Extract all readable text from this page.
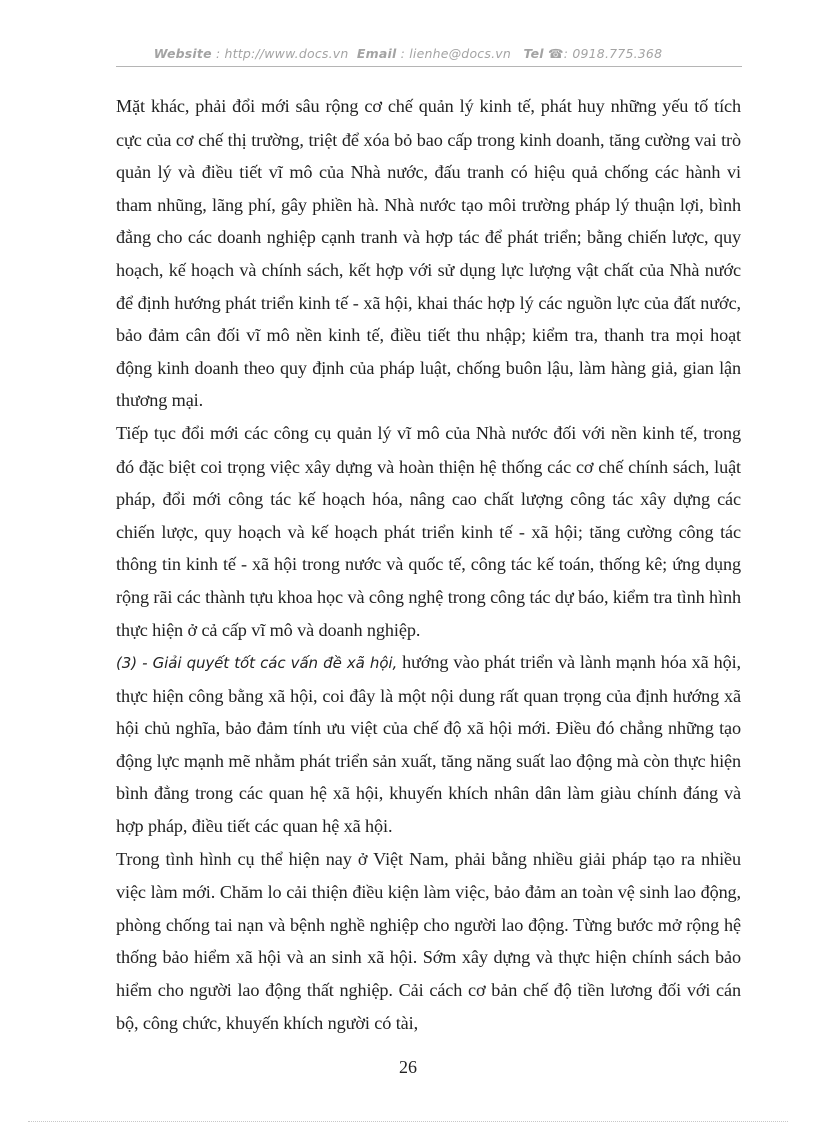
Website : http://www.docs.vn Email : lienhe@docs.vn Tel ☎: 0918.775.368

Mặt khác, phải đổi mới sâu rộng cơ chế quản lý kinh tế, phát huy những yếu tố tích cực của cơ chế thị trường, triệt để xóa bỏ bao cấp trong kinh doanh, tăng cường vai trò quản lý và điều tiết vĩ mô của Nhà nước, đấu tranh có hiệu quả chống các hành vi tham nhũng, lãng phí, gây phiền hà. Nhà nước tạo môi trường pháp lý thuận lợi, bình đẳng cho các doanh nghiệp cạnh tranh và hợp tác để phát triển; bằng chiến lược, quy hoạch, kế hoạch và chính sách, kết hợp với sử dụng lực lượng vật chất của Nhà nước để định hướng phát triển kinh tế - xã hội, khai thác hợp lý các nguồn lực của đất nước, bảo đảm cân đối vĩ mô nền kinh tế, điều tiết thu nhập; kiểm tra, thanh tra mọi hoạt động kinh doanh theo quy định của pháp luật, chống buôn lậu, làm hàng giả, gian lận thương mại.

Tiếp tục đổi mới các công cụ quản lý vĩ mô của Nhà nước đối với nền kinh tế, trong đó đặc biệt coi trọng việc xây dựng và hoàn thiện hệ thống các cơ chế chính sách, luật pháp, đổi mới công tác kế hoạch hóa, nâng cao chất lượng công tác xây dựng các chiến lược, quy hoạch và kế hoạch phát triển kinh tế - xã hội; tăng cường công tác thông tin kinh tế - xã hội trong nước và quốc tế, công tác kế toán, thống kê; ứng dụng rộng rãi các thành tựu khoa học và công nghệ trong công tác dự báo, kiểm tra tình hình thực hiện ở cả cấp vĩ mô và doanh nghiệp.

(3) - Giải quyết tốt các vấn đề xã hội, hướng vào phát triển và lành mạnh hóa xã hội, thực hiện công bằng xã hội, coi đây là một nội dung rất quan trọng của định hướng xã hội chủ nghĩa, bảo đảm tính ưu việt của chế độ xã hội mới. Điều đó chẳng những tạo động lực mạnh mẽ nhằm phát triển sản xuất, tăng năng suất lao động mà còn thực hiện bình đẳng trong các quan hệ xã hội, khuyến khích nhân dân làm giàu chính đáng và hợp pháp, điều tiết các quan hệ xã hội.

Trong tình hình cụ thể hiện nay ở Việt Nam, phải bằng nhiều giải pháp tạo ra nhiều việc làm mới. Chăm lo cải thiện điều kiện làm việc, bảo đảm an toàn vệ sinh lao động, phòng chống tai nạn và bệnh nghề nghiệp cho người lao động. Từng bước mở rộng hệ thống bảo hiểm xã hội và an sinh xã hội. Sớm xây dựng và thực hiện chính sách bảo hiểm cho người lao động thất nghiệp. Cải cách cơ bản chế độ tiền lương đối với cán bộ, công chức, khuyến khích người có tài,

26
